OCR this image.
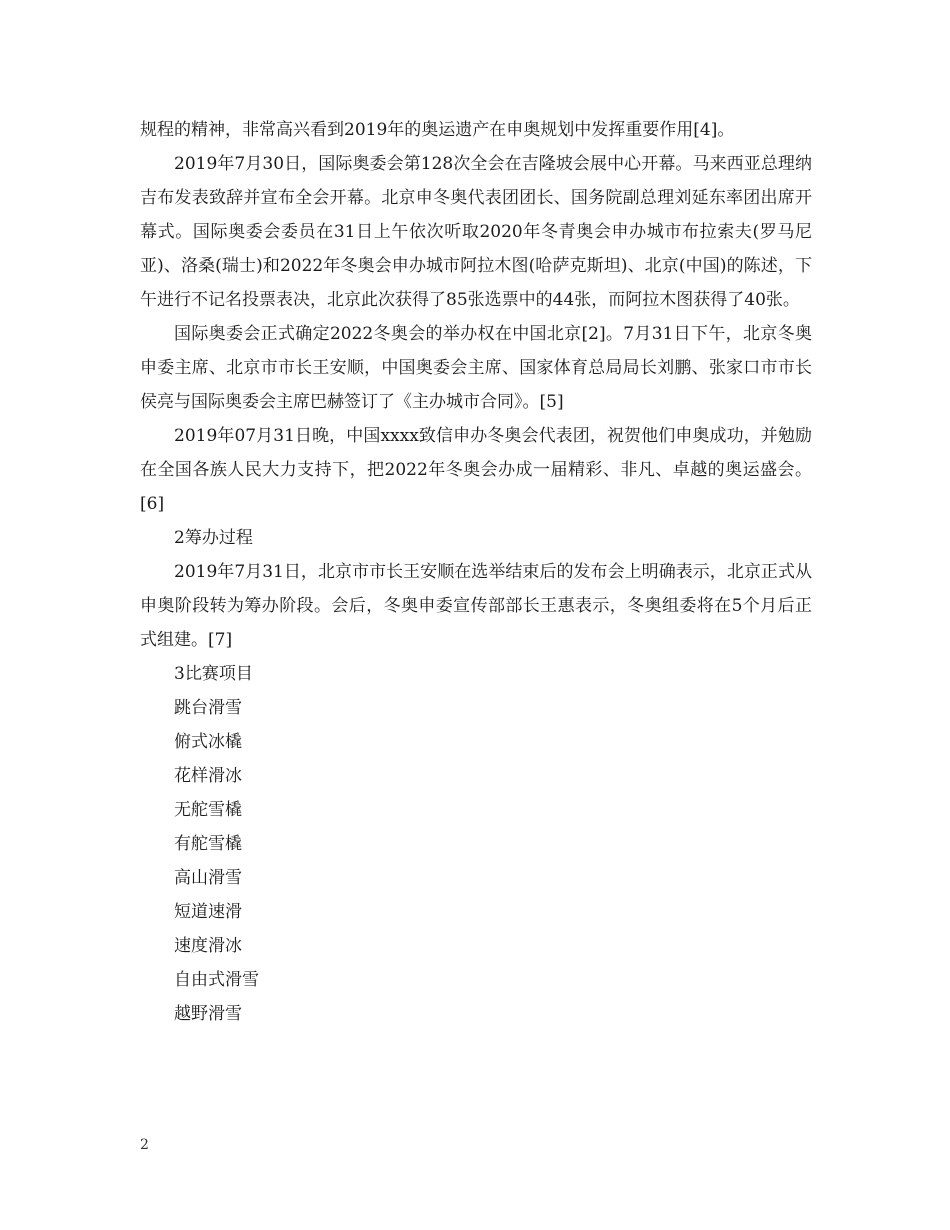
规程的精神，非常高兴看到2019年的奥运遗产在申奥规划中发挥重要作用[4]。

2019年7月30日，国际奥委会第128次全会在吉隆坡会展中心开幕。马来西亚总理纳吉布发表致辞并宣布全会开幕。北京申冬奥代表团团长、国务院副总理刘延东率团出席开幕式。国际奥委会委员在31日上午依次听取2020年冬青奥会申办城市布拉索夫(罗马尼亚)、洛桑(瑞士)和2022年冬奥会申办城市阿拉木图(哈萨克斯坦)、北京(中国)的陈述，下午进行不记名投票表决，北京此次获得了85张选票中的44张，而阿拉木图获得了40张。

国际奥委会正式确定2022冬奥会的举办权在中国北京[2]。7月31日下午，北京冬奥申委主席、北京市市长王安顺，中国奥委会主席、国家体育总局局长刘鹏、张家口市市长侯亮与国际奥委会主席巴赫签订了《主办城市合同》。[5]

2019年07月31日晚，中国xxxx致信申办冬奥会代表团，祝贺他们申奥成功，并勉励在全国各族人民大力支持下，把2022年冬奥会办成一届精彩、非凡、卓越的奥运盛会。[6]

2筹办过程

2019年7月31日，北京市市长王安顺在选举结束后的发布会上明确表示，北京正式从申奥阶段转为筹办阶段。会后，冬奥申委宣传部部长王惠表示，冬奥组委将在5个月后正式组建。[7]

3比赛项目

跳台滑雪

俯式冰橇

花样滑冰

无舵雪橇

有舵雪橇

高山滑雪

短道速滑

速度滑冰

自由式滑雪

越野滑雪

2
